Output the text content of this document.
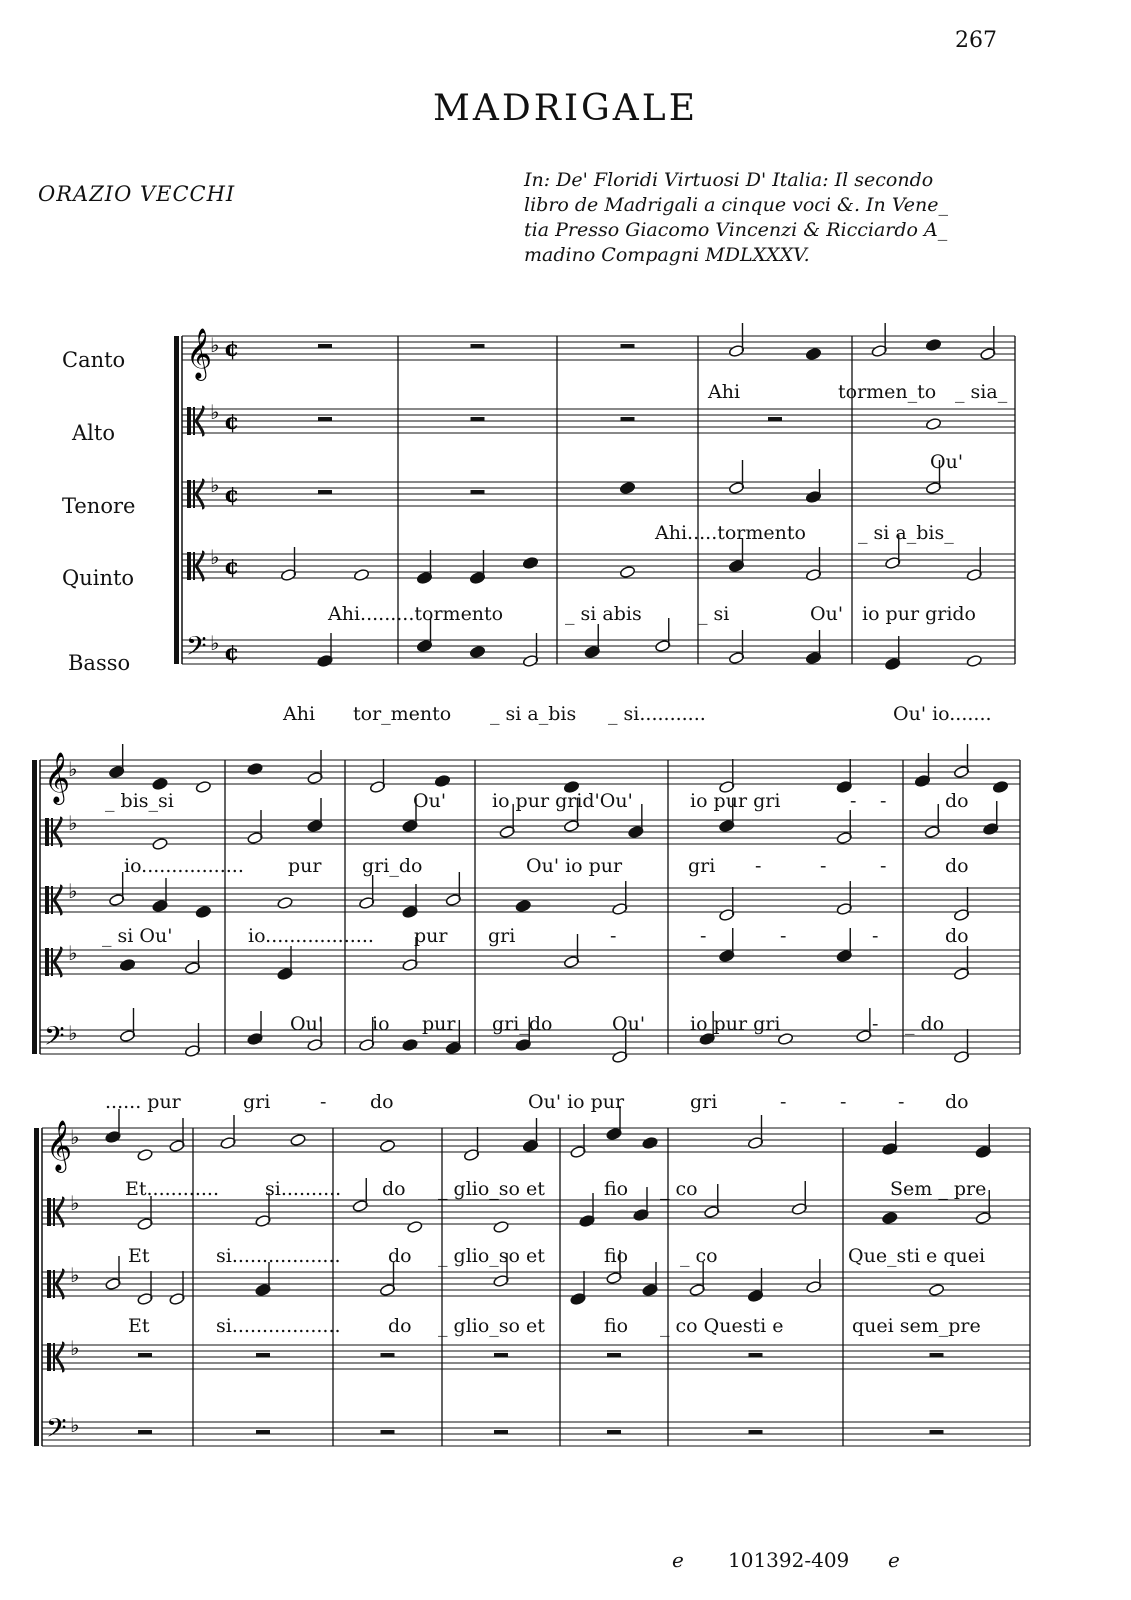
267
MADRIGALE
ORAZIO VECCHI
In: De' Floridi Virtuosi D' Italia: Il secondo
libro de Madrigali a cinque voci &. In Vene_
tia Presso Giacomo Vincenzi & Ricciardo A_
madino Compagni MDLXXXV.
Canto
Alto
Tenore
Quinto
Basso
𝄞
♭ ¢
♭ ¢
♭ ¢
♭ ¢
𝄢 ♭ ¢
Ahi	tormen_to _ sia_
Ou'
Ahi.....tormento	_ si a_bis_
Ahi.........tormento	_ si abis	_ si	Ou' io pur grido
Ahi tor_mento _ si a_bis _ si...........	Ou' io.......
𝄞
♭
♭
♭
♭
𝄢 ♭
_ bis_si	Ou' io pur grid'Ou'	io pur gri	- -	do
io................. pur gri_do	Ou' io pur	gri -	-	-	do
_ si Ou'	io.................. pur gri	-	-	-	-	do
Ou'	io pur gri_do	Ou' io pur gri	- _ do
...... pur	gri	- do	Ou' io pur	gri	-	-	- do
𝄞
♭
♭
♭
♭
𝄢 ♭
Et............ si.......... do _ glio_so et	fio _ co	Sem _ pre
Et	si.................. do _ glio_so et	fio	_ co	Que_sti e quei
Et	si.................. do _ glio_so et	fio _ co Questi e	quei sem_pre
e 101392-409 e
